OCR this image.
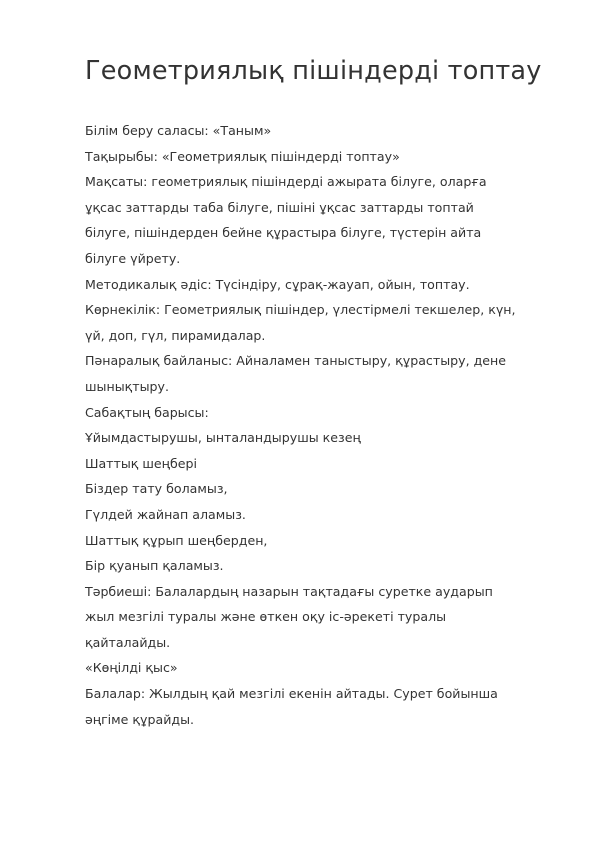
Геометриялық пішіндерді топтау
Білім беру саласы: «Таным»
Тақырыбы: «Геометриялық пішіндерді топтау»
Мақсаты: геометриялық пішіндерді ажырата білуге, оларға
ұқсас заттарды таба білуге, пішіні ұқсас заттарды топтай
білуге, пішіндерден бейне құрастыра білуге, түстерін айта
білуге үйрету.
Методикалық әдіс: Түсіндіру, сұрақ-жауап, ойын, топтау.
Көрнекілік: Геометриялық пішіндер, үлестірмелі текшелер, күн,
үй, доп, гүл, пирамидалар.
Пәнаралық байланыс: Айналамен таныстыру, құрастыру, дене
шынықтыру.
Сабақтың барысы:
Ұйымдастырушы, ынталандырушы кезең
Шаттық шеңбері
Біздер тату боламыз,
Гүлдей жайнап аламыз.
Шаттық құрып шеңберден,
Бір қуанып қаламыз.
Тәрбиеші: Балалардың назарын тақтадағы суретке аударып
жыл мезгілі туралы және өткен оқу іс-әрекеті туралы
қайталайды.
«Көңілді қыс»
Балалар: Жылдың қай мезгілі екенін айтады. Сурет бойынша
әңгіме құрайды.
